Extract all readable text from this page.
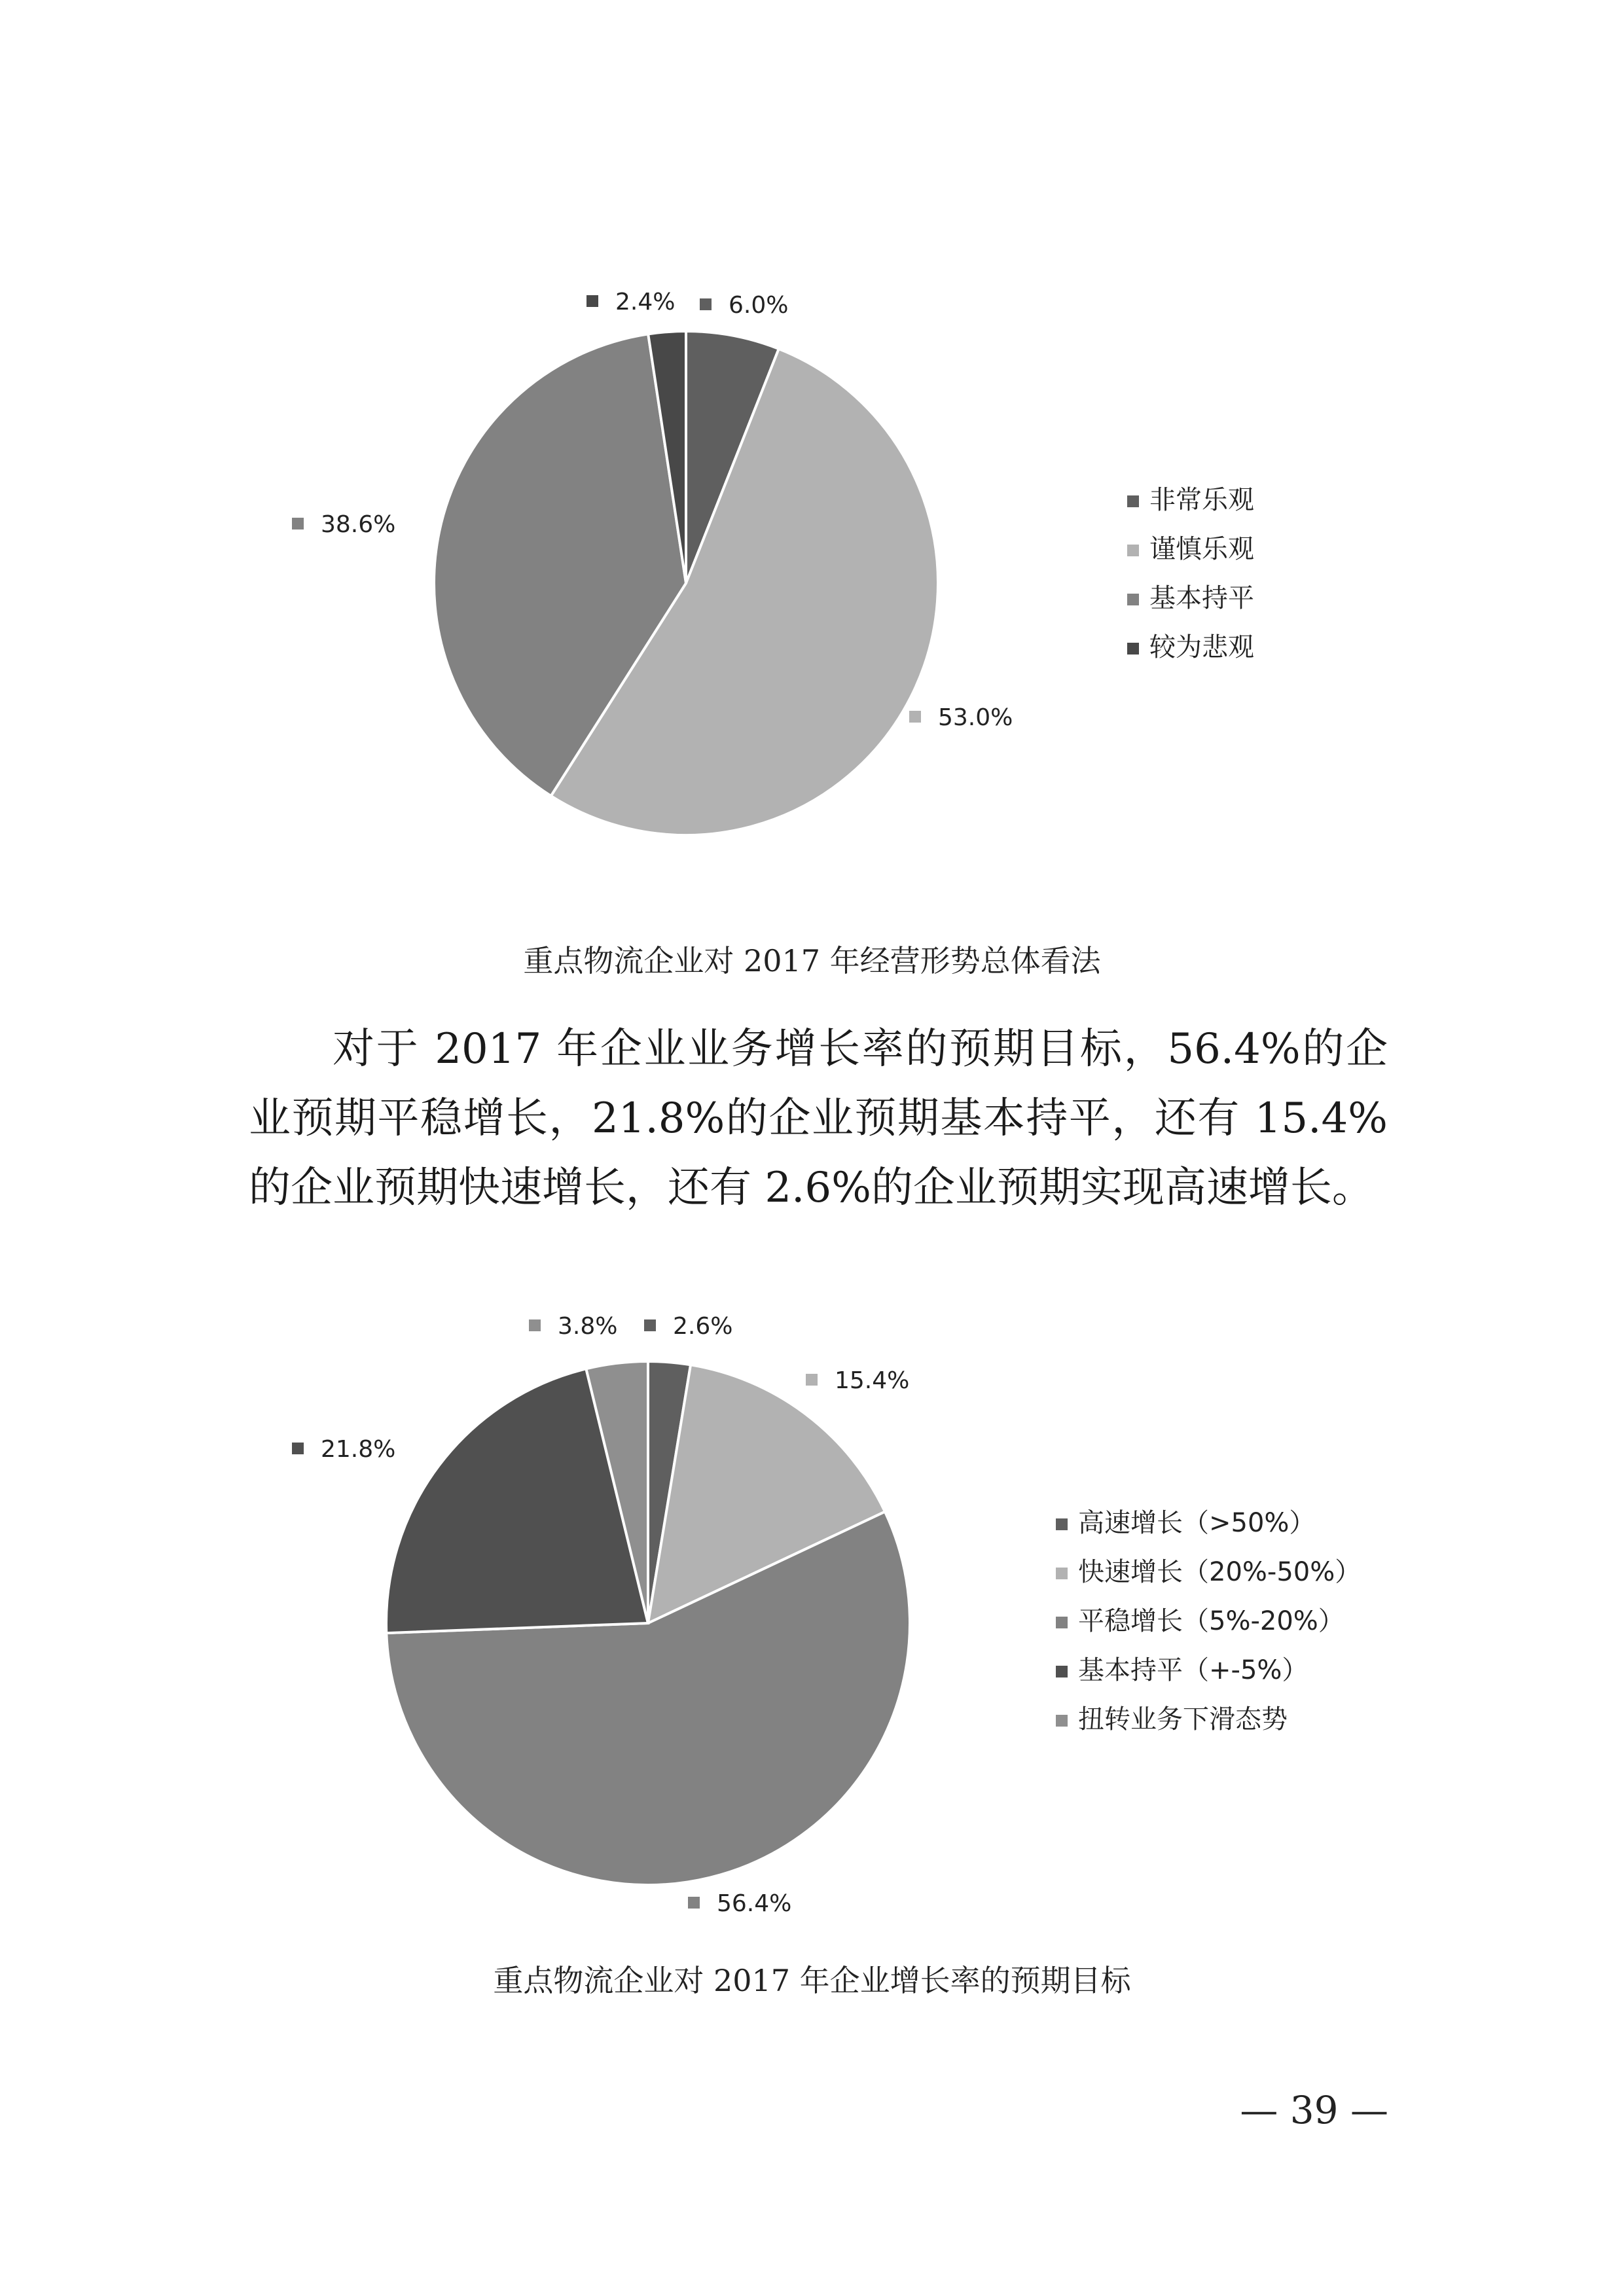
6.0%
非常乐观
53.0%
谨慎乐观
38.6%
基本持平
2.4%
较为悲观
重点物流企业对 2017 年经营形势总体看法
对于 2017 年企业业务增长率的预期目标，56.4%的企业预期平稳增长，21.8%的企业预期基本持平，还有 15.4%的企业预期快速增长，还有 2.6%的企业预期实现高速增长。
2.6%
高速增长（>50%）
15.4%
快速增长（20%-50%）
56.4%
平稳增长（5%-20%）
21.8%
基本持平（+-5%）
3.8%
扭转业务下滑态势
重点物流企业对 2017 年企业增长率的预期目标
— 39 —
